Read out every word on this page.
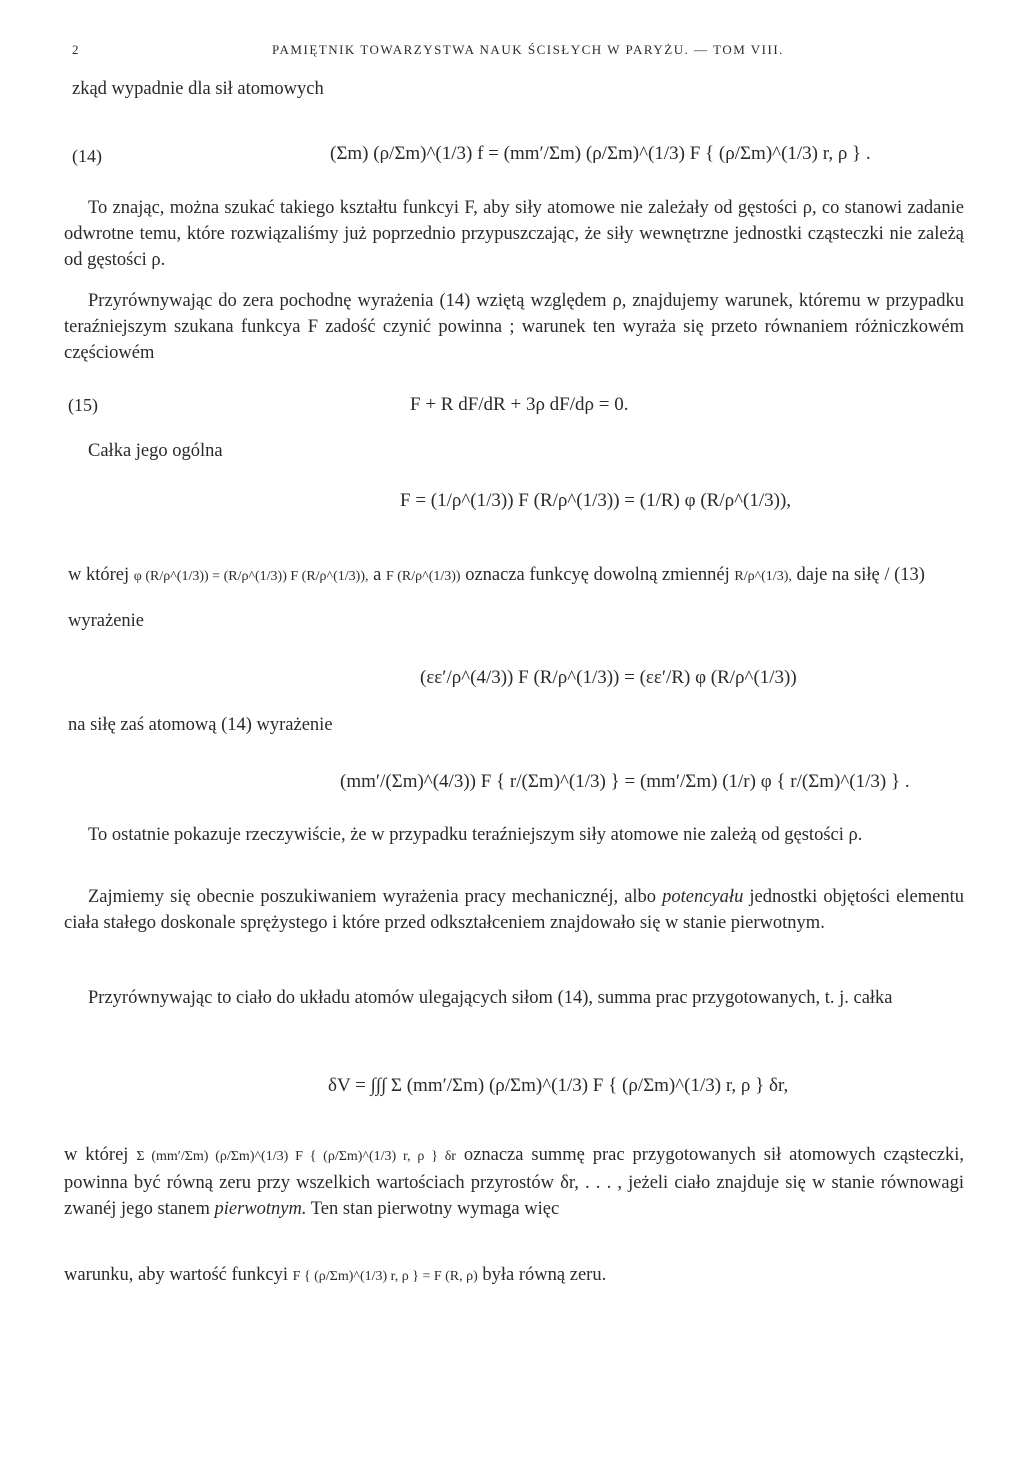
2	PAMIĘTNIK TOWARZYSTWA NAUK ŚCISŁYCH W PARYŻU. — TOM VIII.
zkąd wypadnie dla sił atomowych
(14)	(Σm) (ρ/Σm)^(1/3) f = (mm′/Σm) (ρ/Σm)^(1/3) F { (ρ/Σm)^(1/3) r, ρ } .
To znając, można szukać takiego kształtu funkcyi F, aby siły atomowe nie zależały od gęstości ρ, co stanowi zadanie odwrotne temu, które rozwiązaliśmy już poprzednio przypuszczając, że siły wewnętrzne jednostki cząsteczki nie zależą od gęstości ρ.
Przyrównywając do zera pochodnę wyrażenia (14) wziętą względem ρ, znajdujemy warunek, któremu w przypadku teraźniejszym szukana funkcya F zadość czynić powinna ; warunek ten wyraża się przeto równaniem różniczkowém częściowém
(15)	F + R dF/dR + 3ρ dF/dρ = 0.
Całka jego ogólna
F = (1/ρ^(1/3)) F (R/ρ^(1/3)) = (1/R) φ (R/ρ^(1/3)),
w której φ (R/ρ^(1/3)) = (R/ρ^(1/3)) F (R/ρ^(1/3)), a F (R/ρ^(1/3)) oznacza funkcyę dowolną zmiennéj R/ρ^(1/3), daje na siłę / (13)
wyrażenie
(εε′/ρ^(4/3)) F (R/ρ^(1/3)) = (εε′/R) φ (R/ρ^(1/3))
na siłę zaś atomową (14) wyrażenie
(mm′/(Σm)^(4/3)) F { r/(Σm)^(1/3) } = (mm′/Σm) (1/r) φ { r/(Σm)^(1/3) } .
To ostatnie pokazuje rzeczywiście, że w przypadku teraźniejszym siły atomowe nie zależą od gęstości ρ.
Zajmiemy się obecnie poszukiwaniem wyrażenia pracy mechanicznéj, albo potencyału jednostki objętości elementu ciała stałego doskonale sprężystego i które przed odkształceniem znajdowało się w stanie pierwotnym.
Przyrównywając to ciało do układu atomów ulegających siłom (14), summa prac przygotowanych, t. j. całka
δV = ∫∫∫ Σ (mm′/Σm) (ρ/Σm)^(1/3) F { (ρ/Σm)^(1/3) r, ρ } δr,
w której Σ (mm′/Σm) (ρ/Σm)^(1/3) F { (ρ/Σm)^(1/3) r, ρ } δr oznacza summę prac przygotowanych sił atomowych cząsteczki, powinna być równą zeru przy wszelkich wartościach przyrostów δr, . . . , jeżeli ciało znajduje się w stanie równowagi zwanéj jego stanem pierwotnym. Ten stan pierwotny wymaga więc
warunku, aby wartość funkcyi F { (ρ/Σm)^(1/3) r, ρ } = F (R, ρ) była równą zeru.
